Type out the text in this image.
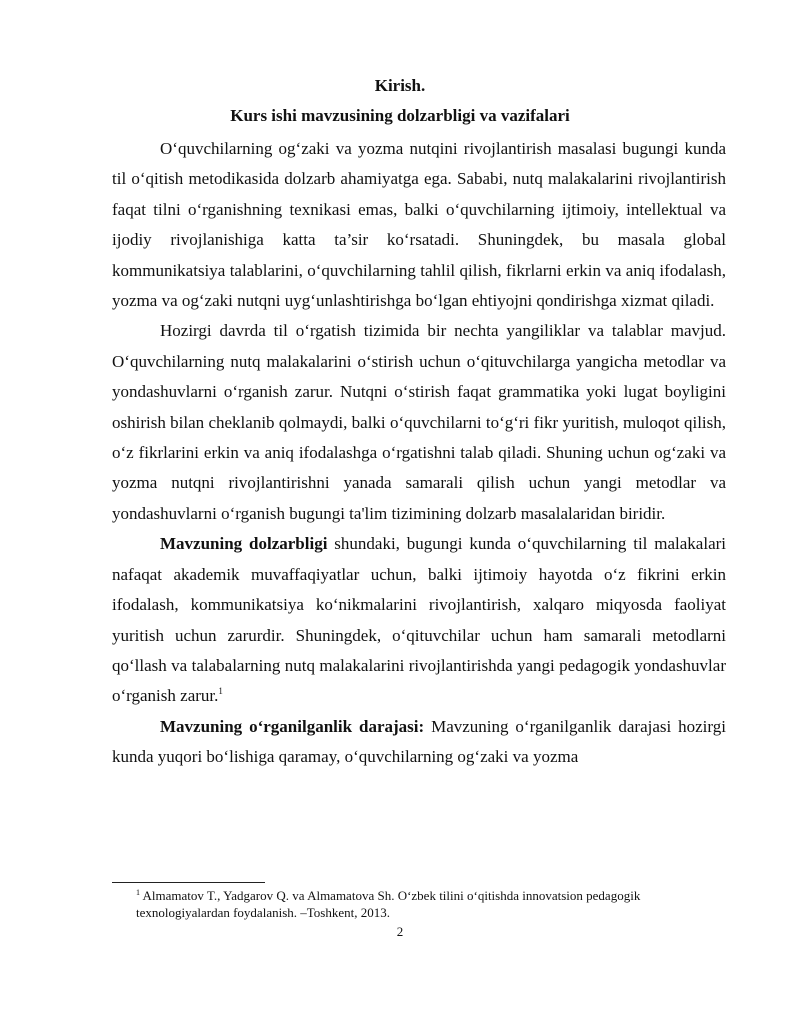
Kirish.

Kurs ishi mavzusining dolzarbligi va vazifalari

O‘quvchilarning og‘zaki va yozma nutqini rivojlantirish masalasi bugungi kunda til o‘qitish metodikasida dolzarb ahamiyatga ega. Sababi, nutq malakalarini rivojlantirish faqat tilni o‘rganishning texnikasi emas, balki o‘quvchilarning ijtimoiy, intellektual va ijodiy rivojlanishiga katta ta’sir ko‘rsatadi. Shuningdek, bu masala global kommunikatsiya talablarini, o‘quvchilarning tahlil qilish, fikrlarni erkin va aniq ifodalash, yozma va og‘zaki nutqni uyg‘unlashtirishga bo‘lgan ehtiyojni qondirishga xizmat qiladi.

Hozirgi davrda til o‘rgatish tizimida bir nechta yangiliklar va talablar mavjud. O‘quvchilarning nutq malakalarini o‘stirish uchun o‘qituvchilarga yangicha metodlar va yondashuvlarni o‘rganish zarur. Nutqni o‘stirish faqat grammatika yoki lugat boyligini oshirish bilan cheklanib qolmaydi, balki o‘quvchilarni to‘g‘ri fikr yuritish, muloqot qilish, o‘z fikrlarini erkin va aniq ifodalashga o‘rgatishni talab qiladi. Shuning uchun og‘zaki va yozma nutqni rivojlantirishni yanada samarali qilish uchun yangi metodlar va yondashuvlarni o‘rganish bugungi ta'lim tizimining dolzarb masalalaridan biridir.

Mavzuning dolzarbligi shundaki, bugungi kunda o‘quvchilarning til malakalari nafaqat akademik muvaffaqiyatlar uchun, balki ijtimoiy hayotda o‘z fikrini erkin ifodalash, kommunikatsiya ko‘nikmalarini rivojlantirish, xalqaro miqyosda faoliyat yuritish uchun zarurdir. Shuningdek, o‘qituvchilar uchun ham samarali metodlarni qo‘llash va talabalarning nutq malakalarini rivojlantirishda yangi pedagogik yondashuvlar o‘rganish zarur.$^1$

Mavzuning o‘rganilganlik darajasi: Mavzuning o‘rganilganlik darajasi hozirgi kunda yuqori bo‘lishiga qaramay, o‘quvchilarning og‘zaki va yozma

$^1$ Almamatov T., Yadgarov Q. va Almamatova Sh. O‘zbek tilini o‘qitishda innovatsion pedagogik texnologiyalardan foydalanish. –Toshkent, 2013.

2
